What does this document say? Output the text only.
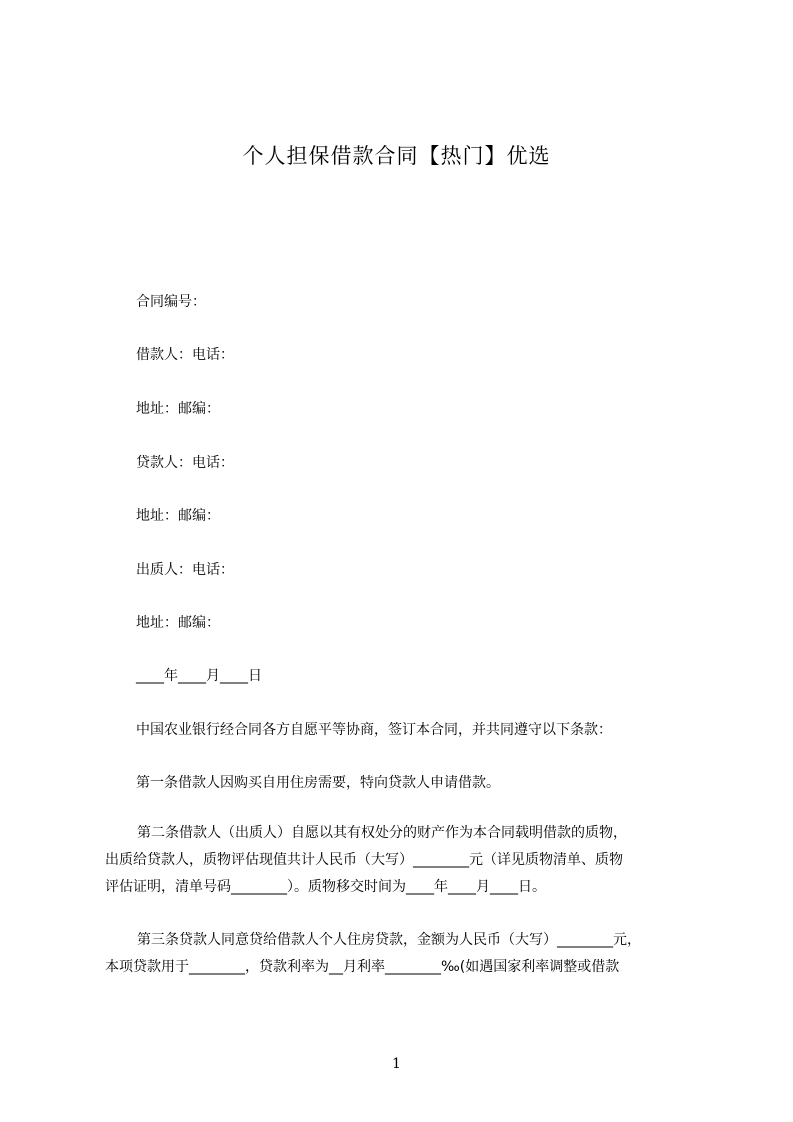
个人担保借款合同【热门】优选
合同编号：
借款人：电话：
地址：邮编：
贷款人：电话：
地址：邮编：
出质人：电话：
地址：邮编：
____年____月____日
中国农业银行经合同各方自愿平等协商，签订本合同，并共同遵守以下条款：
第一条借款人因购买自用住房需要，特向贷款人申请借款。
第二条借款人（出质人）自愿以其有权处分的财产作为本合同载明借款的质物，
出质给贷款人，质物评估现值共计人民币（大写）________元（详见质物清单、质物
评估证明，清单号码________）。质物移交时间为____年____月____日。
第三条贷款人同意贷给借款人个人住房贷款，金额为人民币（大写）________元，
本项贷款用于________，贷款利率为__月利率________‰(如遇国家利率调整或借款
1
